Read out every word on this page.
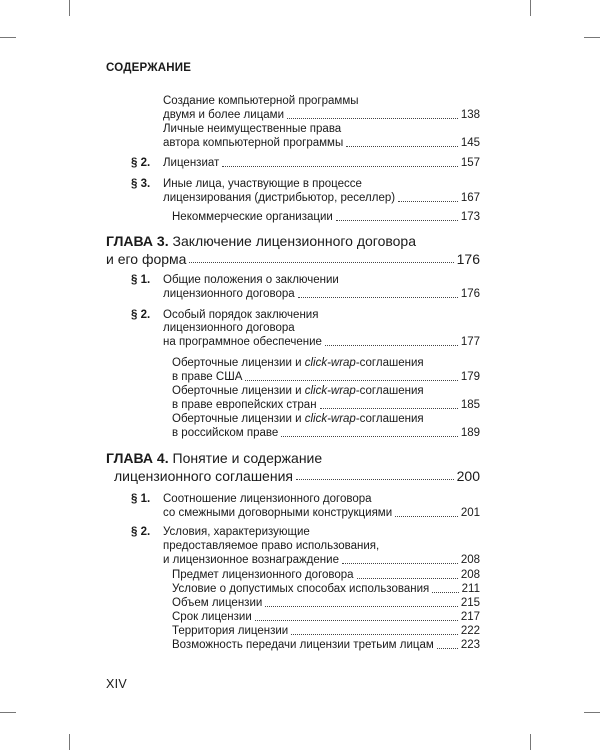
СОДЕРЖАНИЕ
Создание компьютерной программы
двумя и более лицами	138
Личные неимущественные права
автора компьютерной программы	145
§ 2. Лицензиат	157
§ 3. Иные лица, участвующие в процессе
лицензирования (дистрибьютор, реселлер)	167
Некоммерческие организации	173
ГЛАВА 3. Заключение лицензионного договора
и его форма	176
§ 1. Общие положения о заключении
лицензионного договора	176
§ 2. Особый порядок заключения
лицензионного договора
на программное обеспечение	177
Оберточные лицензии и click-wrap-соглашения
в праве США	179
Оберточные лицензии и click-wrap-соглашения
в праве европейских стран	185
Оберточные лицензии и click-wrap-соглашения
в российском праве	189
ГЛАВА 4. Понятие и содержание
лицензионного соглашения	200
§ 1. Соотношение лицензионного договора
со смежными договорными конструкциями	201
§ 2. Условия, характеризующие
предоставляемое право использования,
и лицензионное вознаграждение	208
Предмет лицензионного договора	208
Условие о допустимых способах использования	211
Объем лицензии	215
Срок лицензии	217
Территория лицензии	222
Возможность передачи лицензии третьим лицам 223
XIV
